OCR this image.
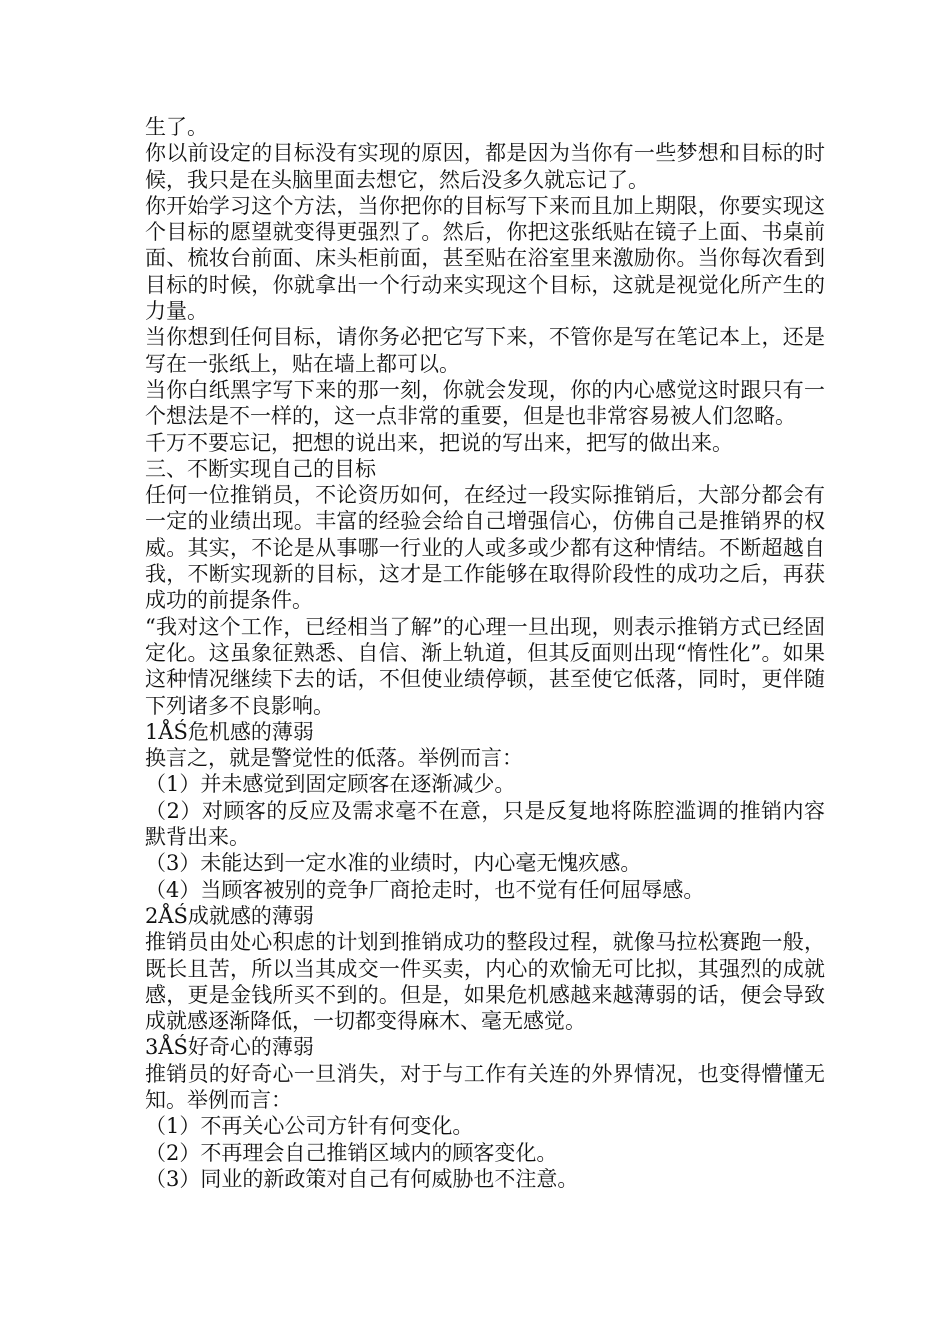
生了。

你以前设定的目标没有实现的原因，都是因为当你有一些梦想和目标的时候，我只是在头脑里面去想它，然后没多久就忘记了。

你开始学习这个方法，当你把你的目标写下来而且加上期限，你要实现这个目标的愿望就变得更强烈了。然后，你把这张纸贴在镜子上面、书桌前面、梳妆台前面、床头柜前面，甚至贴在浴室里来激励你。当你每次看到目标的时候，你就拿出一个行动来实现这个目标，这就是视觉化所产生的力量。

当你想到任何目标，请你务必把它写下来，不管你是写在笔记本上，还是写在一张纸上，贴在墙上都可以。

当你白纸黑字写下来的那一刻，你就会发现，你的内心感觉这时跟只有一个想法是不一样的，这一点非常的重要，但是也非常容易被人们忽略。

千万不要忘记，把想的说出来，把说的写出来，把写的做出来。

三、不断实现自己的目标

任何一位推销员，不论资历如何，在经过一段实际推销后，大部分都会有一定的业绩出现。丰富的经验会给自己增强信心，仿佛自己是推销界的权威。其实，不论是从事哪一行业的人或多或少都有这种情结。不断超越自我，不断实现新的目标，这才是工作能够在取得阶段性的成功之后，再获成功的前提条件。

“我对这个工作，已经相当了解”的心理一旦出现，则表示推销方式已经固定化。这虽象征熟悉、自信、渐上轨道，但其反面则出现“惰性化”。如果这种情况继续下去的话，不但使业绩停顿，甚至使它低落，同时，更伴随下列诸多不良影响。

1ÅŚ危机感的薄弱

换言之，就是警觉性的低落。举例而言：

（1）并未感觉到固定顾客在逐渐减少。

（2）对顾客的反应及需求毫不在意，只是反复地将陈腔滥调的推销内容默背出来。

（3）未能达到一定水准的业绩时，内心毫无愧疚感。

（4）当顾客被别的竞争厂商抢走时，也不觉有任何屈辱感。

2ÅŚ成就感的薄弱

推销员由处心积虑的计划到推销成功的整段过程，就像马拉松赛跑一般，既长且苦，所以当其成交一件买卖，内心的欢愉无可比拟，其强烈的成就感，更是金钱所买不到的。但是，如果危机感越来越薄弱的话，便会导致成就感逐渐降低，一切都变得麻木、毫无感觉。

3ÅŚ好奇心的薄弱

推销员的好奇心一旦消失，对于与工作有关连的外界情况，也变得懵懂无知。举例而言：

（1）不再关心公司方针有何变化。

（2）不再理会自己推销区域内的顾客变化。

（3）同业的新政策对自己有何威胁也不注意。
